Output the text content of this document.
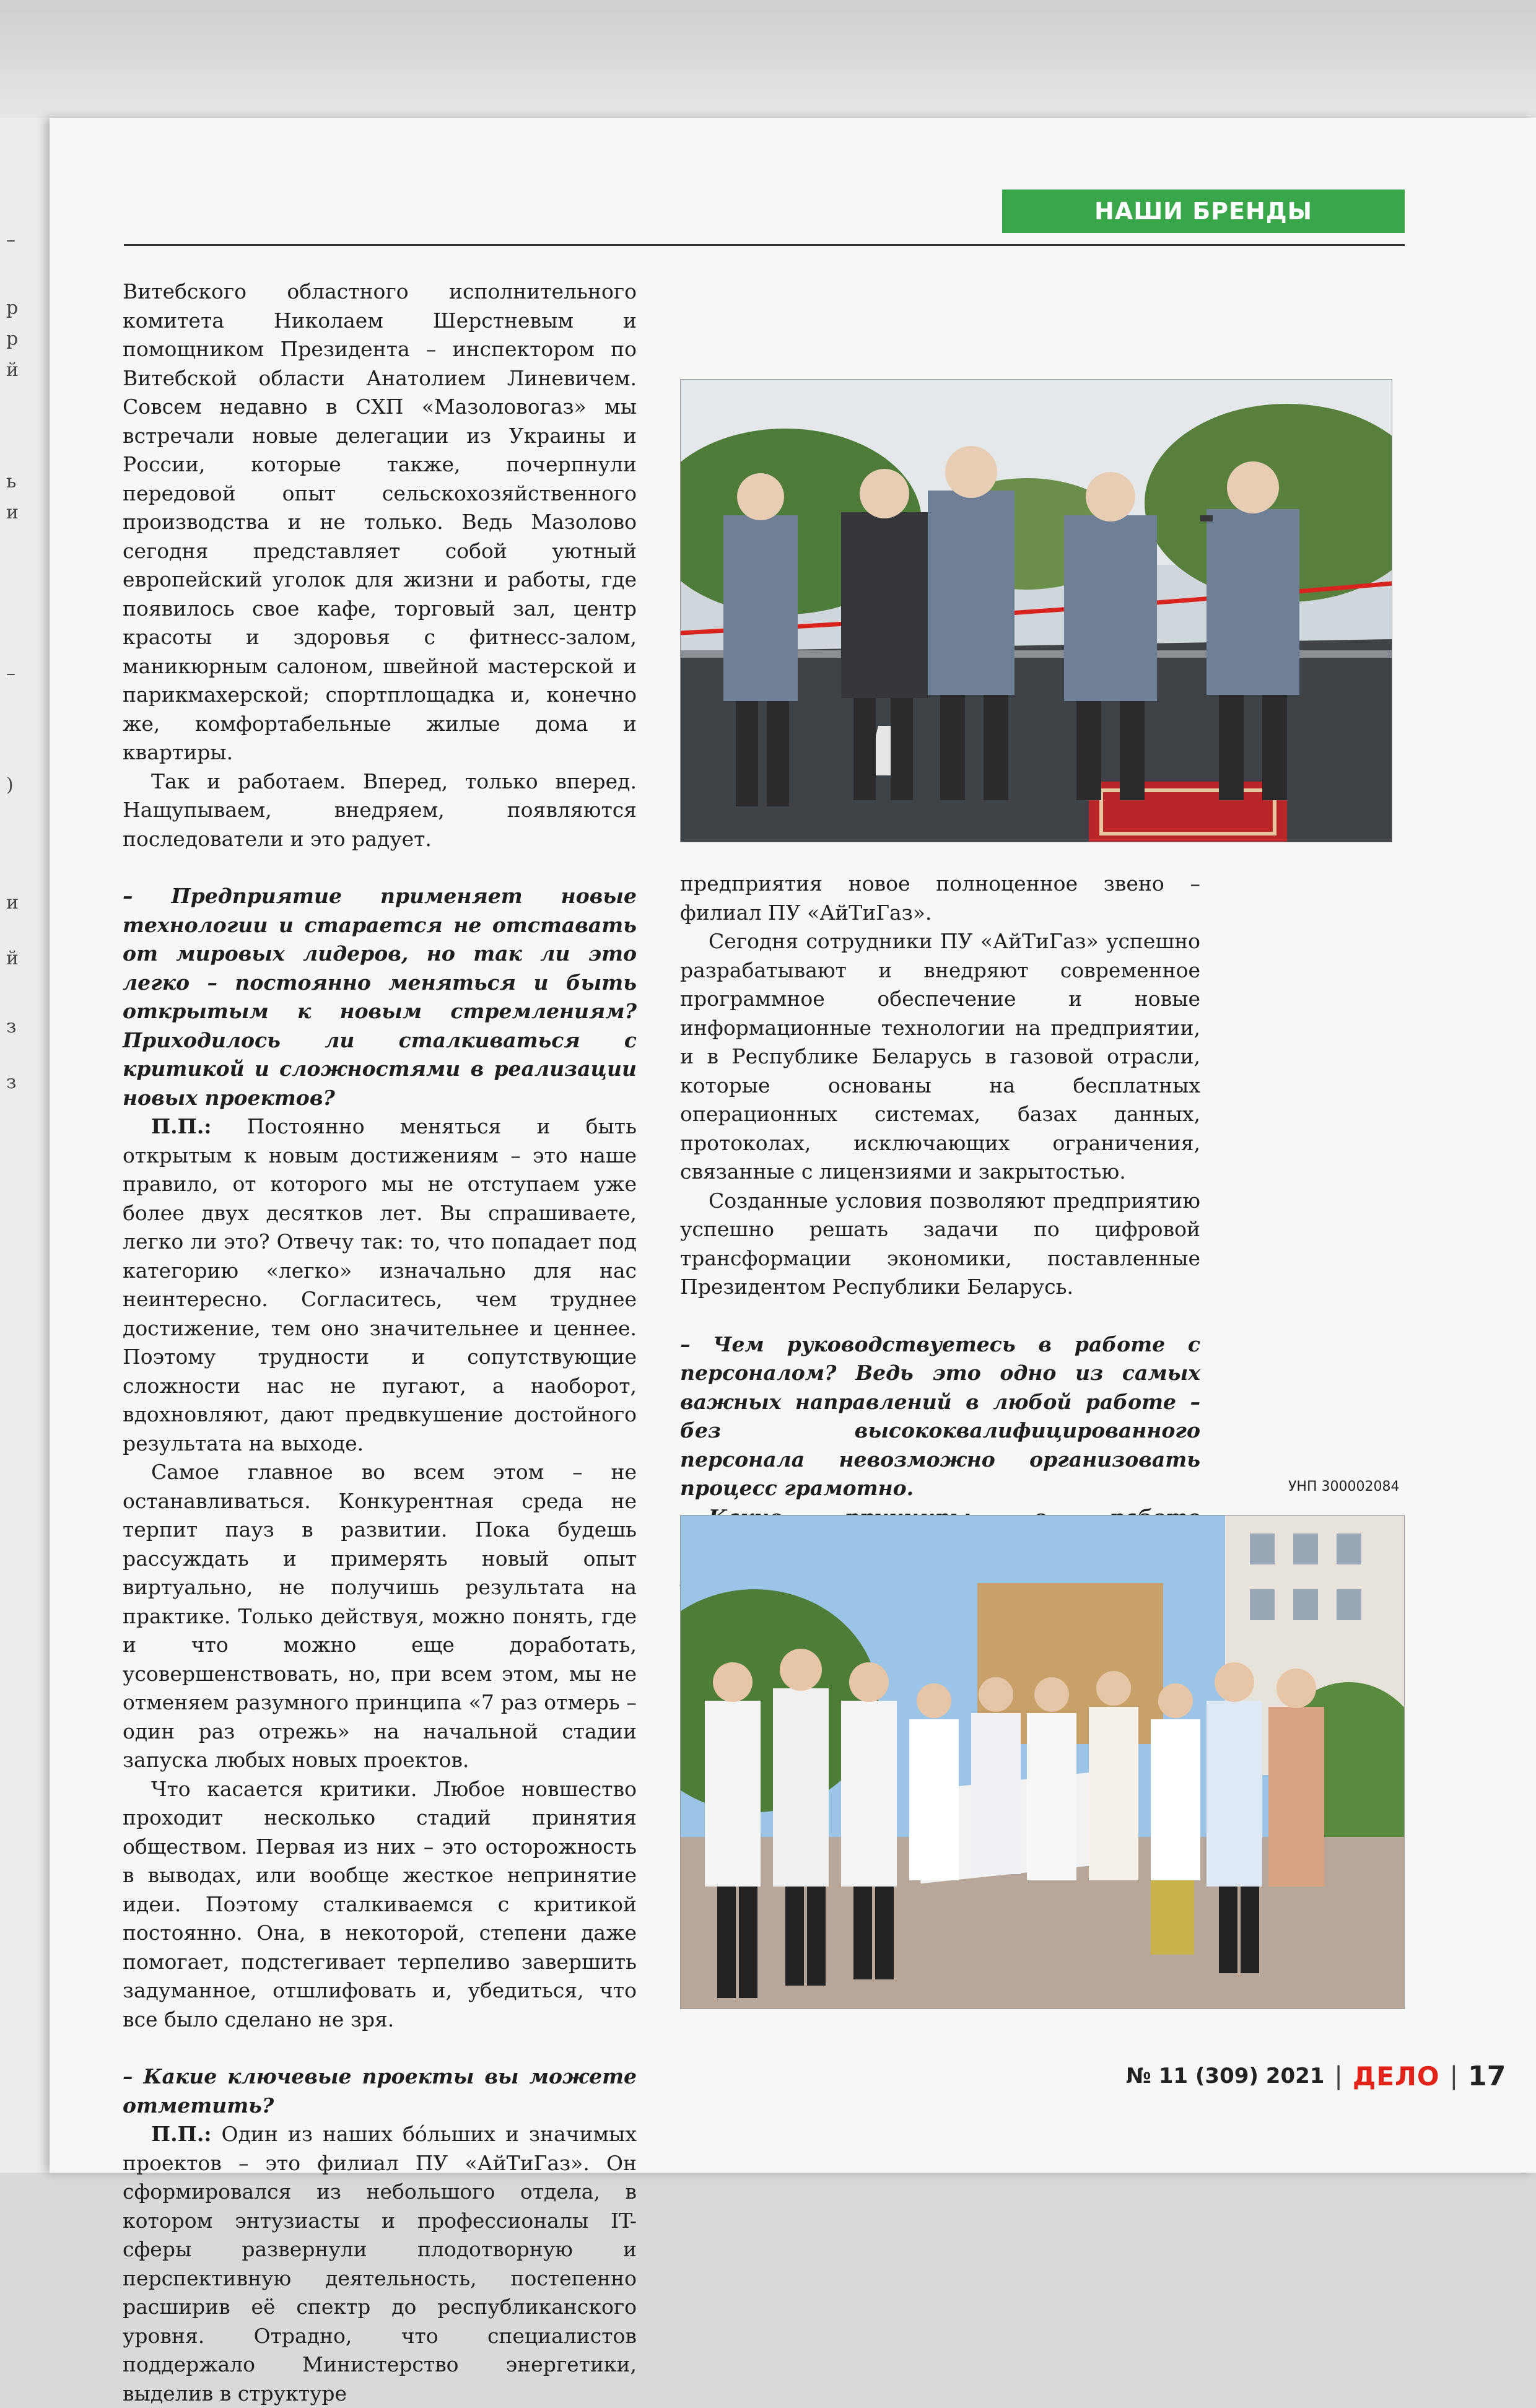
–
р
р
й
ь
и
–
)
и
й
з
з
НАШИ БРЕНДЫ

Витебского областного исполнительного комитета Николаем Шерстневым и помощником Президента – инспектором по Витебской области Анатолием Линевичем. Совсем недавно в СХП «Мазоловогаз» мы встречали новые делегации из Украины и России, которые также, почерпнули передовой опыт сельскохозяйственного производства и не только. Ведь Мазолово сегодня представляет собой уютный европейский уголок для жизни и работы, где появилось свое кафе, торговый зал, центр красоты и здоровья с фитнесс-залом, маникюрным салоном, швейной мастерской и парикмахерской; спортплощадка и, конечно же, комфортабельные жилые дома и квартиры.

Так и работаем. Вперед, только вперед. Нащупываем, внедряем, появляются последователи и это радует.

– Предприятие применяет новые технологии и старается не отставать от мировых лидеров, но так ли это легко – постоянно меняться и быть открытым к новым стремлениям? Приходилось ли сталкиваться с критикой и сложностями в реализации новых проектов?

П.П.: Постоянно меняться и быть открытым к новым достижениям – это наше правило, от которого мы не отступаем уже более двух десятков лет. Вы спрашиваете, легко ли это? Отвечу так: то, что попадает под категорию «легко» изначально для нас неинтересно. Согласитесь, чем труднее достижение, тем оно значительнее и ценнее. Поэтому трудности и сопутствующие сложности нас не пугают, а наоборот, вдохновляют, дают предвкушение достойного результата на выходе.

Самое главное во всем этом – не останавливаться. Конкурентная среда не терпит пауз в развитии. Пока будешь рассуждать и примерять новый опыт виртуально, не получишь результата на практике. Только действуя, можно понять, где и что можно еще доработать, усовершенствовать, но, при всем этом, мы не отменяем разумного принципа «7 раз отмерь – один раз отрежь» на начальной стадии запуска любых новых проектов.

Что касается критики. Любое новшество проходит несколько стадий принятия обществом. Первая из них – это осторожность в выводах, или вообще жесткое непринятие идеи. Поэтому сталкиваемся с критикой постоянно. Она, в некоторой, степени даже помогает, подстегивает терпеливо завершить задуманное, отшлифовать и, убедиться, что все было сделано не зря.

– Какие ключевые проекты вы можете отметить?

П.П.: Один из наших бóльших и значимых проектов – это филиал ПУ «АйТиГаз». Он сформировался из небольшого отдела, в котором энтузиасты и профессионалы IT-сферы развернули плодотворную и перспективную деятельность, постепенно расширив её спектр до республиканского уровня. Отрадно, что специалистов поддержало Министерство энергетики, выделив в структуре

предприятия новое полноценное звено – филиал ПУ «АйТиГаз».

Сегодня сотрудники ПУ «АйТиГаз» успешно разрабатывают и внедряют современное программное обеспечение и новые информационные технологии на предприятии, и в Республике Беларусь в газовой отрасли, которые основаны на бесплатных операционных системах, базах данных, протоколах, исключающих ограничения, связанные с лицензиями и закрытостью.

Созданные условия позволяют предприятию успешно решать задачи по цифровой трансформации экономики, поставленные Президентом Республики Беларусь.

– Чем руководствуетесь в работе с персоналом? Ведь это одно из самых важных направлений в любой работе – без высококвалифицированного персонала невозможно организовать процесс грамотно.	УНП 300002084
№ 11 (309) 2021 | ДЕЛО | 17
